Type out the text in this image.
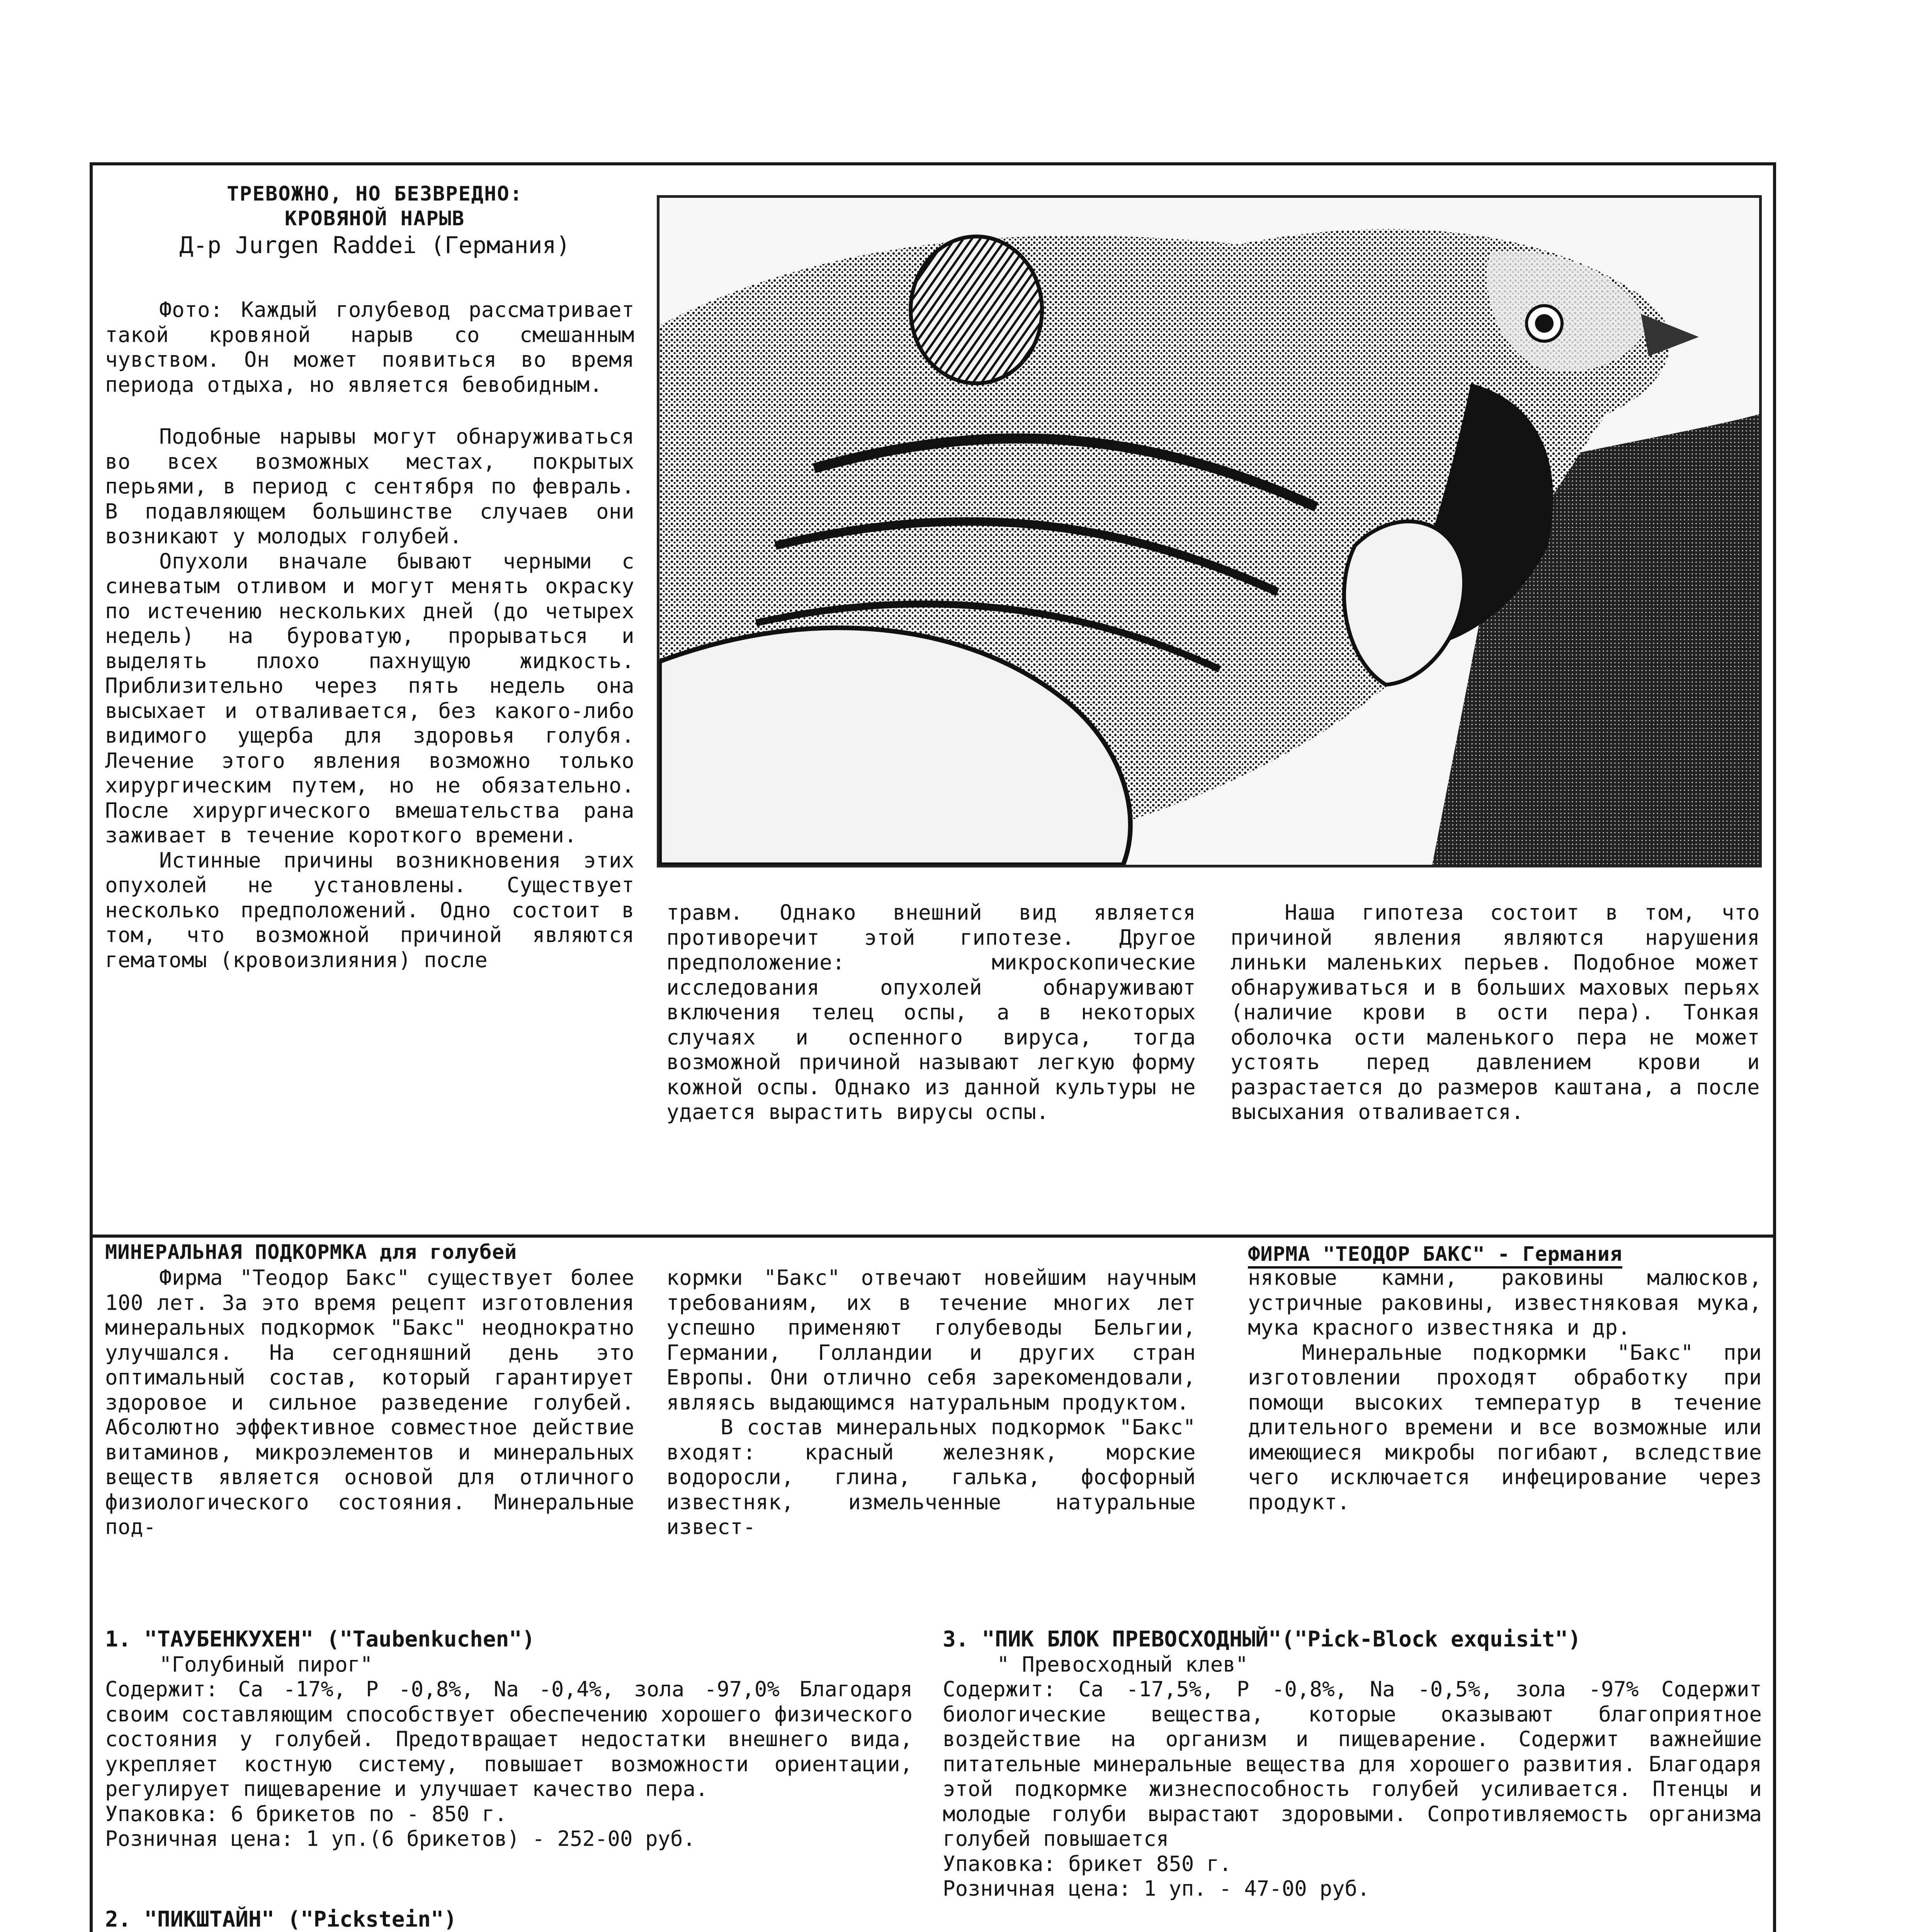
ТРЕВОЖНО, НО БЕЗВРЕДНО:

КРОВЯНОЙ НАРЫВ

Д-р Jurgen Raddei (Германия)

Фото: Каждый голубевод рассматривает такой кровяной нарыв со смешанным чувством. Он может появиться во время периода отдыха, но является бевобидным.

Подобные нарывы могут обнаруживаться во всех возможных местах, покрытых перьями, в период с сентября по февраль. В подавляющем большинстве случаев они возникают у молодых голубей.

Опухоли вначале бывают черными с синеватым отливом и могут менять окраску по истечению нескольких дней (до четырех недель) на буроватую, прорываться и выделять плохо пахнущую жидкость. Приблизительно через пять недель она высыхает и отваливается, без какого-либо видимого ущерба для здоровья голубя. Лечение этого явления возможно только хирургическим путем, но не обязательно. После хирургического вмешательства рана заживает в течение короткого времени.

Истинные причины возникновения этих опухолей не установлены. Существует несколько предположений. Одно состоит в том, что возможной причиной являются гематомы (кровоизлияния) после

травм. Однако внешний вид является противоречит этой гипотезе. Другое предположение: микроскопические исследования опухолей обнаруживают включения телец оспы, а в некоторых случаях и оспенного вируса, тогда возможной причиной называют легкую форму кожной оспы. Однако из данной культуры не удается вырастить вирусы оспы.

Наша гипотеза состоит в том, что причиной явления являются нарушения линьки маленьких перьев. Подобное может обнаруживаться и в больших маховых перьях (наличие крови в ости пера). Тонкая оболочка ости маленького пера не может устоять перед давлением крови и разрастается до размеров каштана, а после высыхания отваливается.

МИНЕРАЛЬНАЯ ПОДКОРМКА для голубей	ФИРМА "ТЕОДОР БАКС" - Германия

Фирма "Теодор Бакс" существует более 100 лет. За это время рецепт изготовления минеральных подкормок "Бакс" неоднократно улучшался. На сегодняшний день это оптимальный состав, который гарантирует здоровое и сильное разведение голубей. Абсолютно эффективное совместное действие витаминов, микроэлементов и минеральных веществ является основой для отличного физиологического состояния. Минеральные под-

кормки "Бакс" отвечают новейшим научным требованиям, их в течение многих лет успешно применяют голубеводы Бельгии, Германии, Голландии и других стран Европы. Они отлично себя зарекомендовали, являясь выдающимся натуральным продуктом.

В состав минеральных подкормок "Бакс" входят: красный железняк, морские водоросли, глина, галька, фосфорный известняк, измельченные натуральные извест-

няковые камни, раковины малюсков, устричные раковины, известняковая мука, мука красного известняка и др.

Минеральные подкормки "Бакс" при изготовлении проходят обработку при помощи высоких температур в течение длительного времени и все возможные или имеющиеся микробы погибают, вследствие чего исключается инфецирование через продукт.

1. "ТАУБЕНКУХЕН" ("Taubenkuchen")

"Голубиный пирог"

Содержит: Са -17%, Р -0,8%, Na -0,4%, зола -97,0% Благодаря своим составляющим способствует обеспечению хорошего физического состояния у голубей. Предотвращает недостатки внешнего вида, укрепляет костную систему, повышает возможности ориентации, регулирует пищеварение и улучшает качество пера.

Упаковка: 6 брикетов по - 850 г.

Розничная цена: 1 уп.(6 брикетов) - 252-00 руб.

2. "ПИКШТАЙН" ("Pickstein")

3. "ПИК БЛОК ПРЕВОСХОДНЫЙ"("Pick-Block exquisit")

" Превосходный клев"

Содержит: Са -17,5%, Р -0,8%, Na -0,5%, зола -97% Содержит биологические вещества, которые оказывают благоприятное воздействие на организм и пищеварение. Содержит важнейшие питательные минеральные вещества для хорошего развития. Благодаря этой подкормке жизнеспособность голубей усиливается. Птенцы и молодые голуби вырастают здоровыми. Сопротивляемость организма голубей повышается

Упаковка: брикет 850 г.

Розничная цена: 1 уп. - 47-00 руб.
